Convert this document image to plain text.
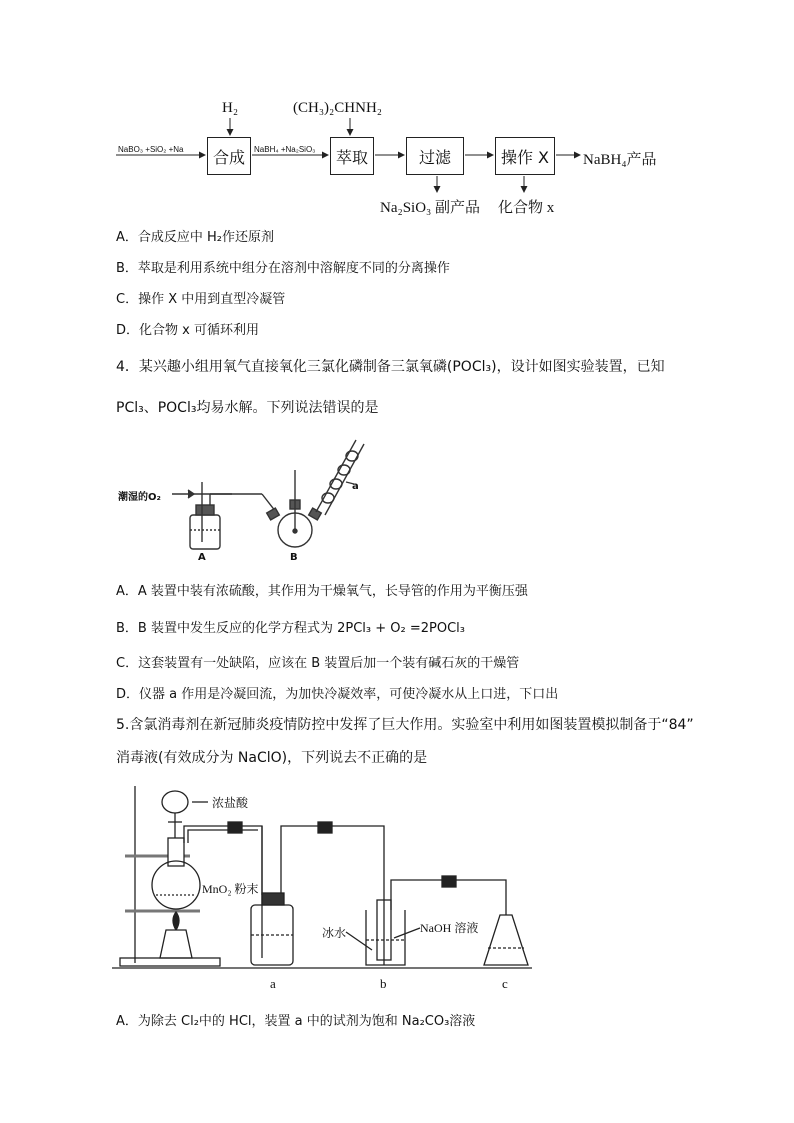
H₂	(CH₃)₂CHNH₂
NaBO₃ +SiO₂ +Na	合成	NaBH₄ +Na₂SiO₃	萃取	过滤	操作 X	NaBH₄产品
Na₂SiO₃ 副产品 化合物 x
A．合成反应中 H₂作还原剂
B．萃取是利用系统中组分在溶剂中溶解度不同的分离操作
C．操作 X 中用到直型冷凝管
D．化合物 x 可循环利用
4．某兴趣小组用氧气直接氧化三氯化磷制备三氯氧磷(POCl₃)，设计如图实验装置，已知
PCl₃、POCl₃均易水解。下列说法错误的是
潮湿的O₂
A	B
a
A．A 装置中装有浓硫酸，其作用为干燥氧气，长导管的作用为平衡压强
B．B 装置中发生反应的化学方程式为 2PCl₃ + O₂ =2POCl₃
C．这套装置有一处缺陷，应该在 B 装置后加一个装有碱石灰的干燥管
D．仪器 a 作用是冷凝回流，为加快冷凝效率，可使冷凝水从上口进，下口出
5.含氯消毒剂在新冠肺炎疫情防控中发挥了巨大作用。实验室中利用如图装置模拟制备于“84”
消毒液(有效成分为 NaClO)，下列说去不正确的是
浓盐酸
MnO₂ 粉末
冰水	NaOH 溶液
a	b	c
A．为除去 Cl₂中的 HCl，装置 a 中的试剂为饱和 Na₂CO₃溶液
